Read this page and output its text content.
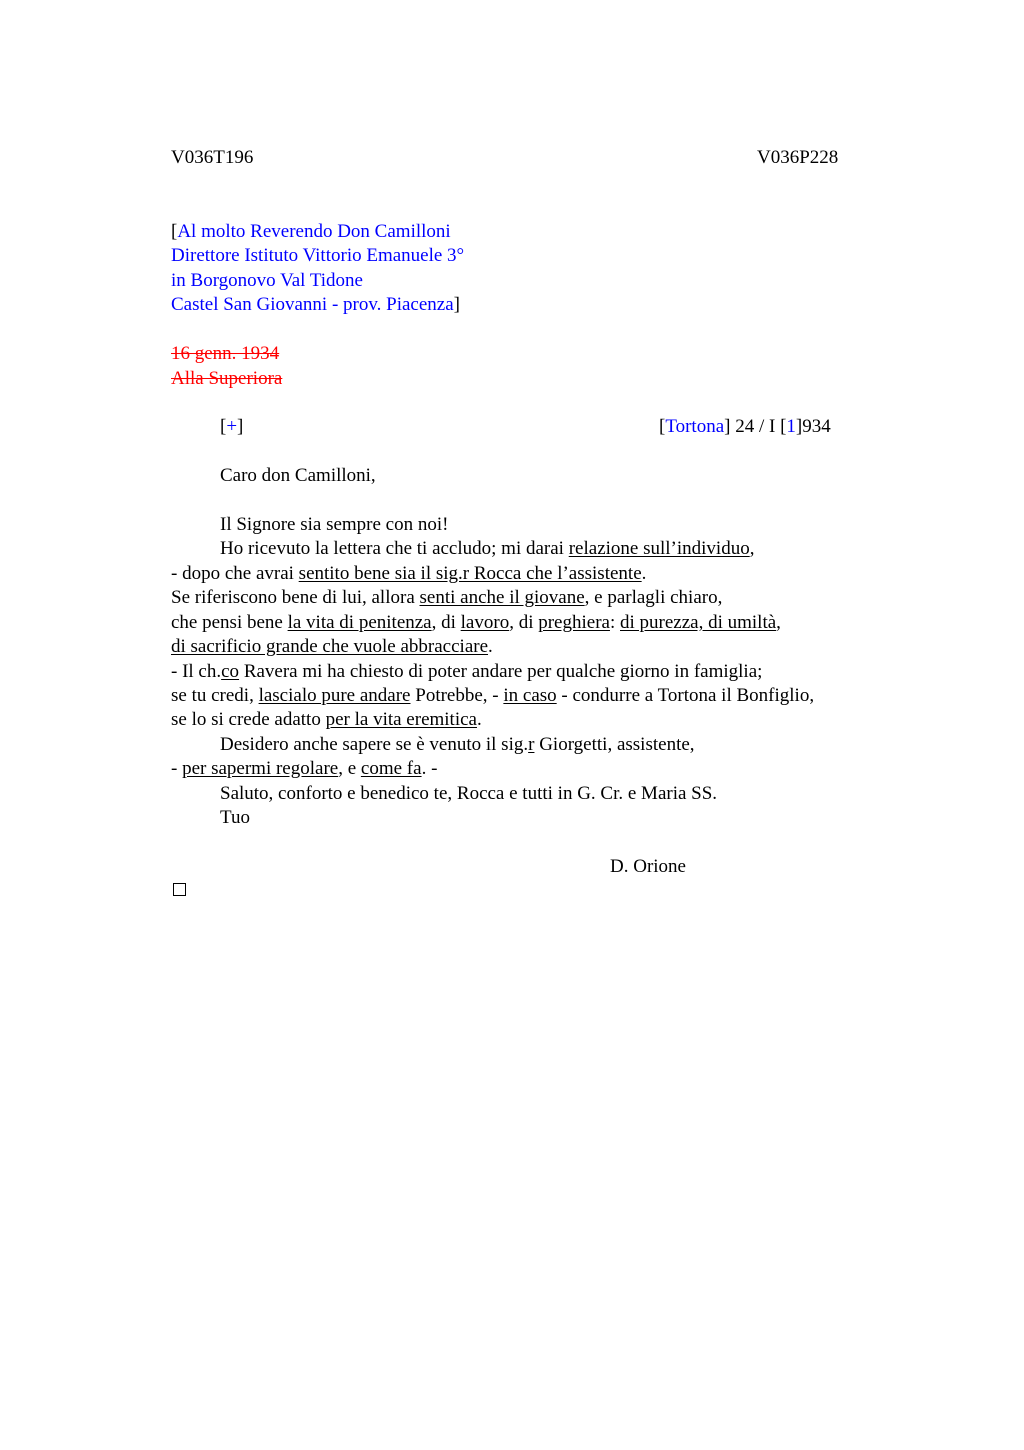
V036T196	V036P228
[Al molto Reverendo Don Camilloni
Direttore Istituto Vittorio Emanuele 3°
in Borgonovo Val Tidone
Castel San Giovanni - prov. Piacenza]
16 genn. 1934
Alla Superiora
[+]	[Tortona] 24 / I [1]934
Caro don Camilloni,
Il Signore sia sempre con noi!
Ho ricevuto la lettera che ti accludo; mi darai relazione sull’individuo,
- dopo che avrai sentito bene sia il sig.r Rocca che l’assistente.
Se riferiscono bene di lui, allora senti anche il giovane, e parlagli chiaro,
che pensi bene la vita di penitenza, di lavoro, di preghiera: di purezza, di umiltà,
di sacrificio grande che vuole abbracciare.
- Il ch.co Ravera mi ha chiesto di poter andare per qualche giorno in famiglia;
se tu credi, lascialo pure andare Potrebbe, - in caso - condurre a Tortona il Bonfiglio,
se lo si crede adatto per la vita eremitica.
Desidero anche sapere se è venuto il sig.r Giorgetti, assistente,
- per sapermi regolare, e come fa. -
Saluto, conforto e benedico te, Rocca e tutti in G. Cr. e Maria SS.
Tuo
D. Orione
